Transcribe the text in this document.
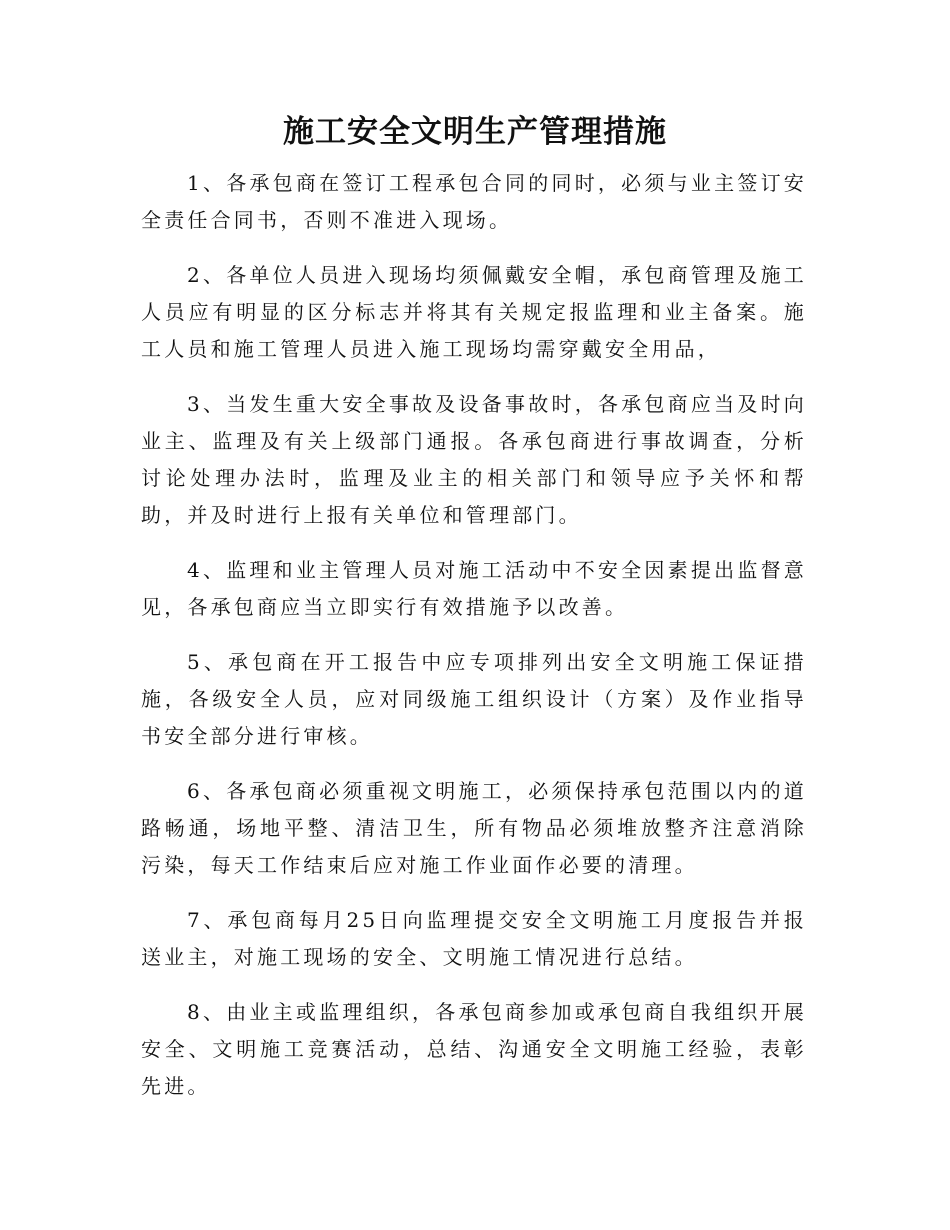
施工安全文明生产管理措施

1、各承包商在签订工程承包合同的同时，必须与业主签订安全责任合同书，否则不准进入现场。

2、各单位人员进入现场均须佩戴安全帽，承包商管理及施工人员应有明显的区分标志并将其有关规定报监理和业主备案。施工人员和施工管理人员进入施工现场均需穿戴安全用品，

3、当发生重大安全事故及设备事故时，各承包商应当及时向业主、监理及有关上级部门通报。各承包商进行事故调查，分析讨论处理办法时，监理及业主的相关部门和领导应予关怀和帮助，并及时进行上报有关单位和管理部门。

4、监理和业主管理人员对施工活动中不安全因素提出监督意见，各承包商应当立即实行有效措施予以改善。

5、承包商在开工报告中应专项排列出安全文明施工保证措施，各级安全人员，应对同级施工组织设计（方案）及作业指导书安全部分进行审核。

6、各承包商必须重视文明施工，必须保持承包范围以内的道路畅通，场地平整、清洁卫生，所有物品必须堆放整齐注意消除污染，每天工作结束后应对施工作业面作必要的清理。

7、承包商每月25日向监理提交安全文明施工月度报告并报送业主，对施工现场的安全、文明施工情况进行总结。

8、由业主或监理组织，各承包商参加或承包商自我组织开展安全、文明施工竞赛活动，总结、沟通安全文明施工经验，表彰先进。
